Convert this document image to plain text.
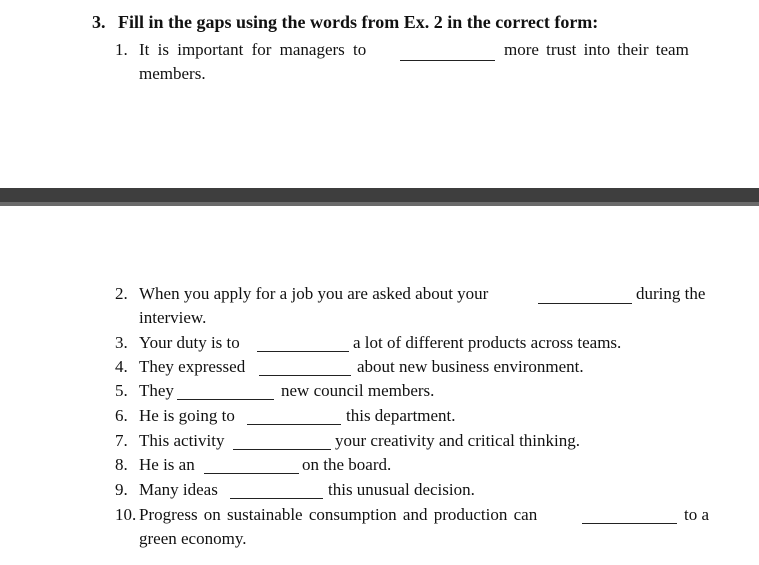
3. Fill in the gaps using the words from Ex. 2 in the correct form:
1. It is important for managers to	more trust into their team
members.
2. When you apply for a job you are asked about your	during the
interview.
3. Your duty is to	a lot of different products across teams.
4. They expressed	about new business environment.
5. They	new council members.
6. He is going to	this department.
7. This activity	your creativity and critical thinking.
8. He is an	on the board.
9. Many ideas	this unusual decision.
10. Progress on sustainable consumption and production can	to a
green economy.
